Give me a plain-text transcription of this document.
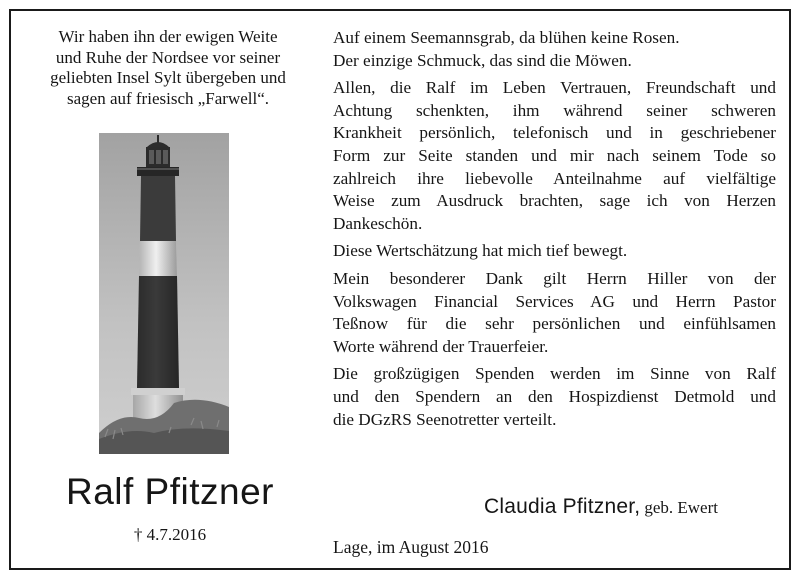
Wir haben ihn der ewigen Weite
und Ruhe der Nordsee vor seiner
geliebten Insel Sylt übergeben und
sagen auf friesisch „Farwell“.
Ralf Pfitzner
† 4.7.2016

Auf einem Seemannsgrab, da blühen keine Rosen.
Der einzige Schmuck, das sind die Möwen.

Allen, die Ralf im Leben Vertrauen, Freundschaft und
Achtung schenkten, ihm während seiner schweren
Krankheit persönlich, telefonisch und in geschriebener
Form zur Seite standen und mir nach seinem Tode so
zahlreich ihre liebevolle Anteilnahme auf vielfältige
Weise zum Ausdruck brachten, sage ich von Herzen
Dankeschön.

Diese Wertschätzung hat mich tief bewegt.

Mein besonderer Dank gilt Herrn Hiller von der
Volkswagen Financial Services AG und Herrn Pastor
Teßnow für die sehr persönlichen und einfühlsamen
Worte während der Trauerfeier.

Die großzügigen Spenden werden im Sinne von Ralf
und den Spendern an den Hospizdienst Detmold und
die DGzRS Seenotretter verteilt.

Claudia Pfitzner, geb. Ewert
Lage, im August 2016
